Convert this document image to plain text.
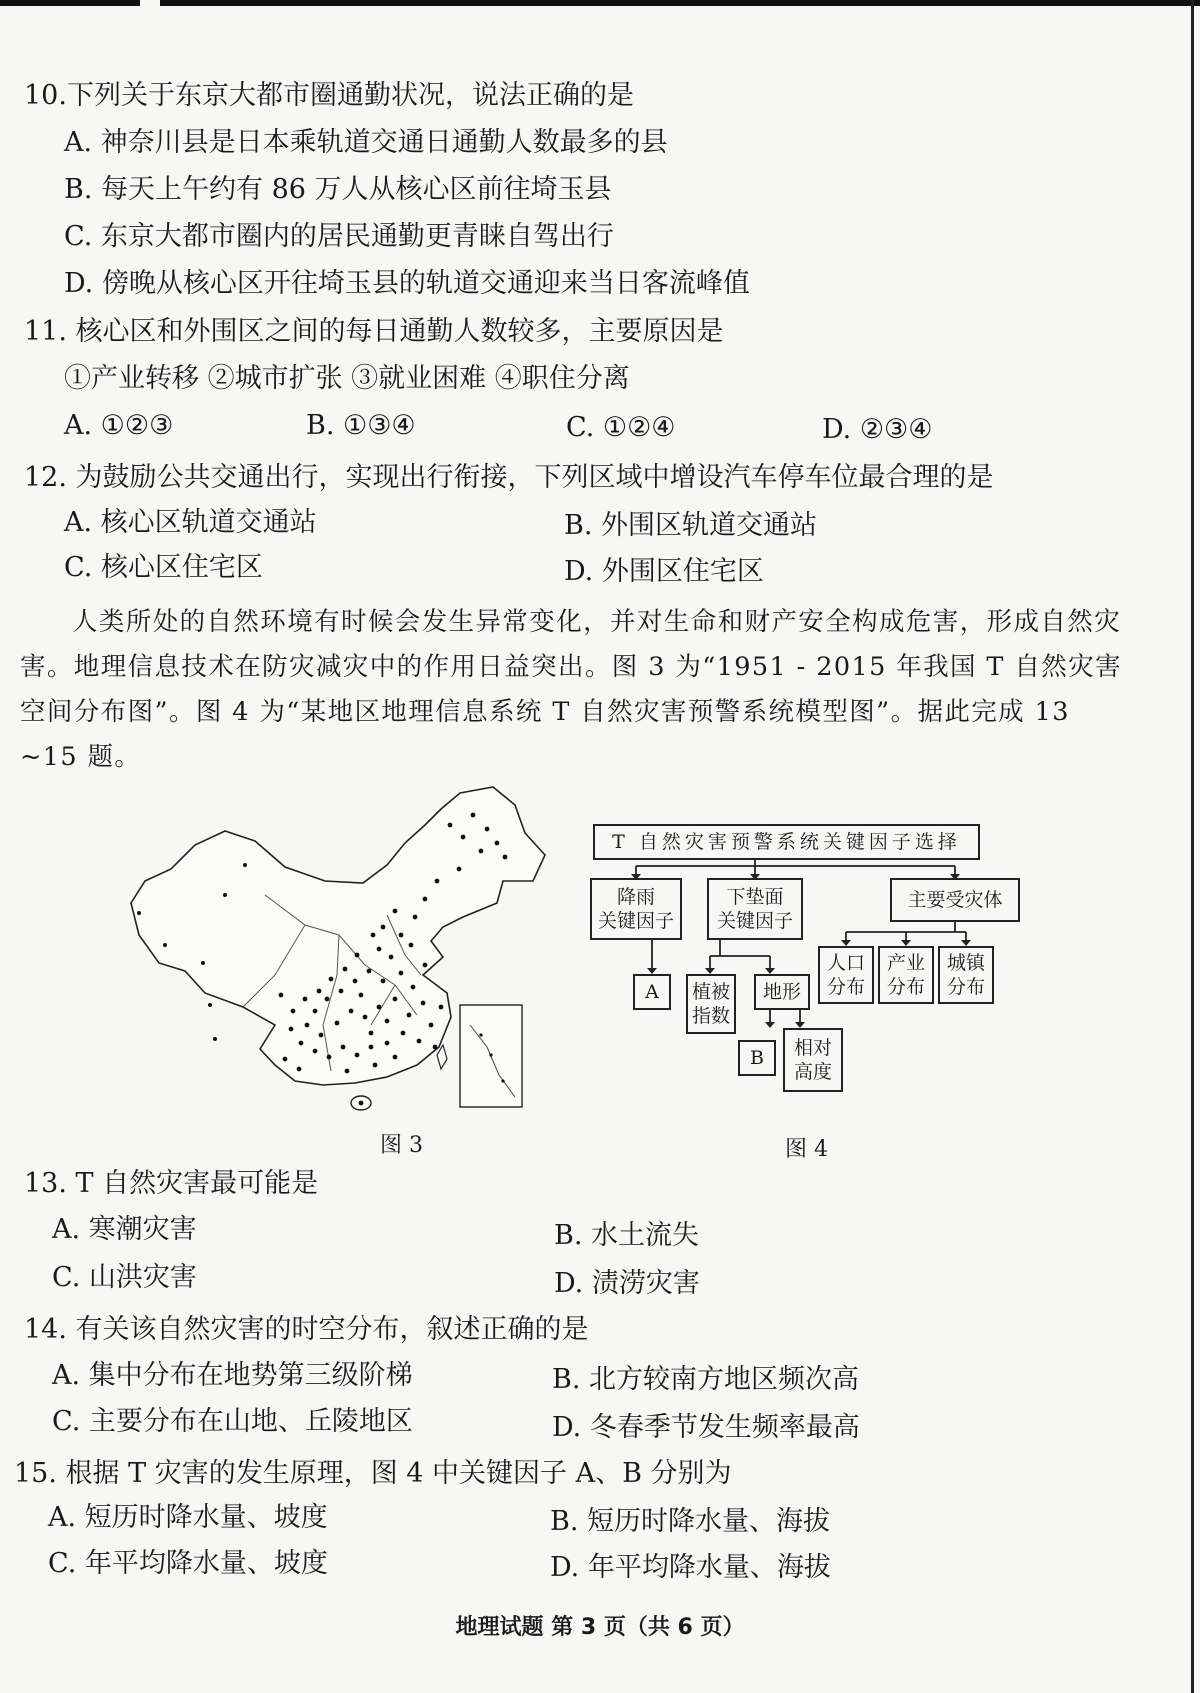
10.下列关于东京大都市圈通勤状况，说法正确的是
A. 神奈川县是日本乘轨道交通日通勤人数最多的县
B. 每天上午约有 86 万人从核心区前往埼玉县
C. 东京大都市圈内的居民通勤更青睐自驾出行
D. 傍晚从核心区开往埼玉县的轨道交通迎来当日客流峰值
11. 核心区和外围区之间的每日通勤人数较多，主要原因是
①产业转移 ②城市扩张 ③就业困难 ④职住分离
A. ①②③	B. ①③④	C. ①②④	D. ②③④
12. 为鼓励公共交通出行，实现出行衔接，下列区域中增设汽车停车位最合理的是
A. 核心区轨道交通站	B. 外围区轨道交通站
C. 核心区住宅区	D. 外围区住宅区
人类所处的自然环境有时候会发生异常变化，并对生命和财产安全构成危害，形成自然灾害。地理信息技术在防灾减灾中的作用日益突出。图 3 为“1951 - 2015 年我国 T 自然灾害空间分布图”。图 4 为“某地区地理信息系统 T 自然灾害预警系统模型图”。据此完成 13 ~15 题。
图 3
T 自然灾害预警系统关键因子选择
降雨
关键因子
下垫面
关键因子
主要受灾体
A	植被
指数
地形
人口
分布
产业
分布
城镇
分布
B	相对
高度
图 4
13. T 自然灾害最可能是
A. 寒潮灾害	B. 水土流失
C. 山洪灾害	D. 渍涝灾害
14. 有关该自然灾害的时空分布，叙述正确的是
A. 集中分布在地势第三级阶梯	B. 北方较南方地区频次高
C. 主要分布在山地、丘陵地区	D. 冬春季节发生频率最高
15. 根据 T 灾害的发生原理，图 4 中关键因子 A、B 分别为
A. 短历时降水量、坡度	B. 短历时降水量、海拔
C. 年平均降水量、坡度	D. 年平均降水量、海拔
地理试题 第 3 页（共 6 页）
